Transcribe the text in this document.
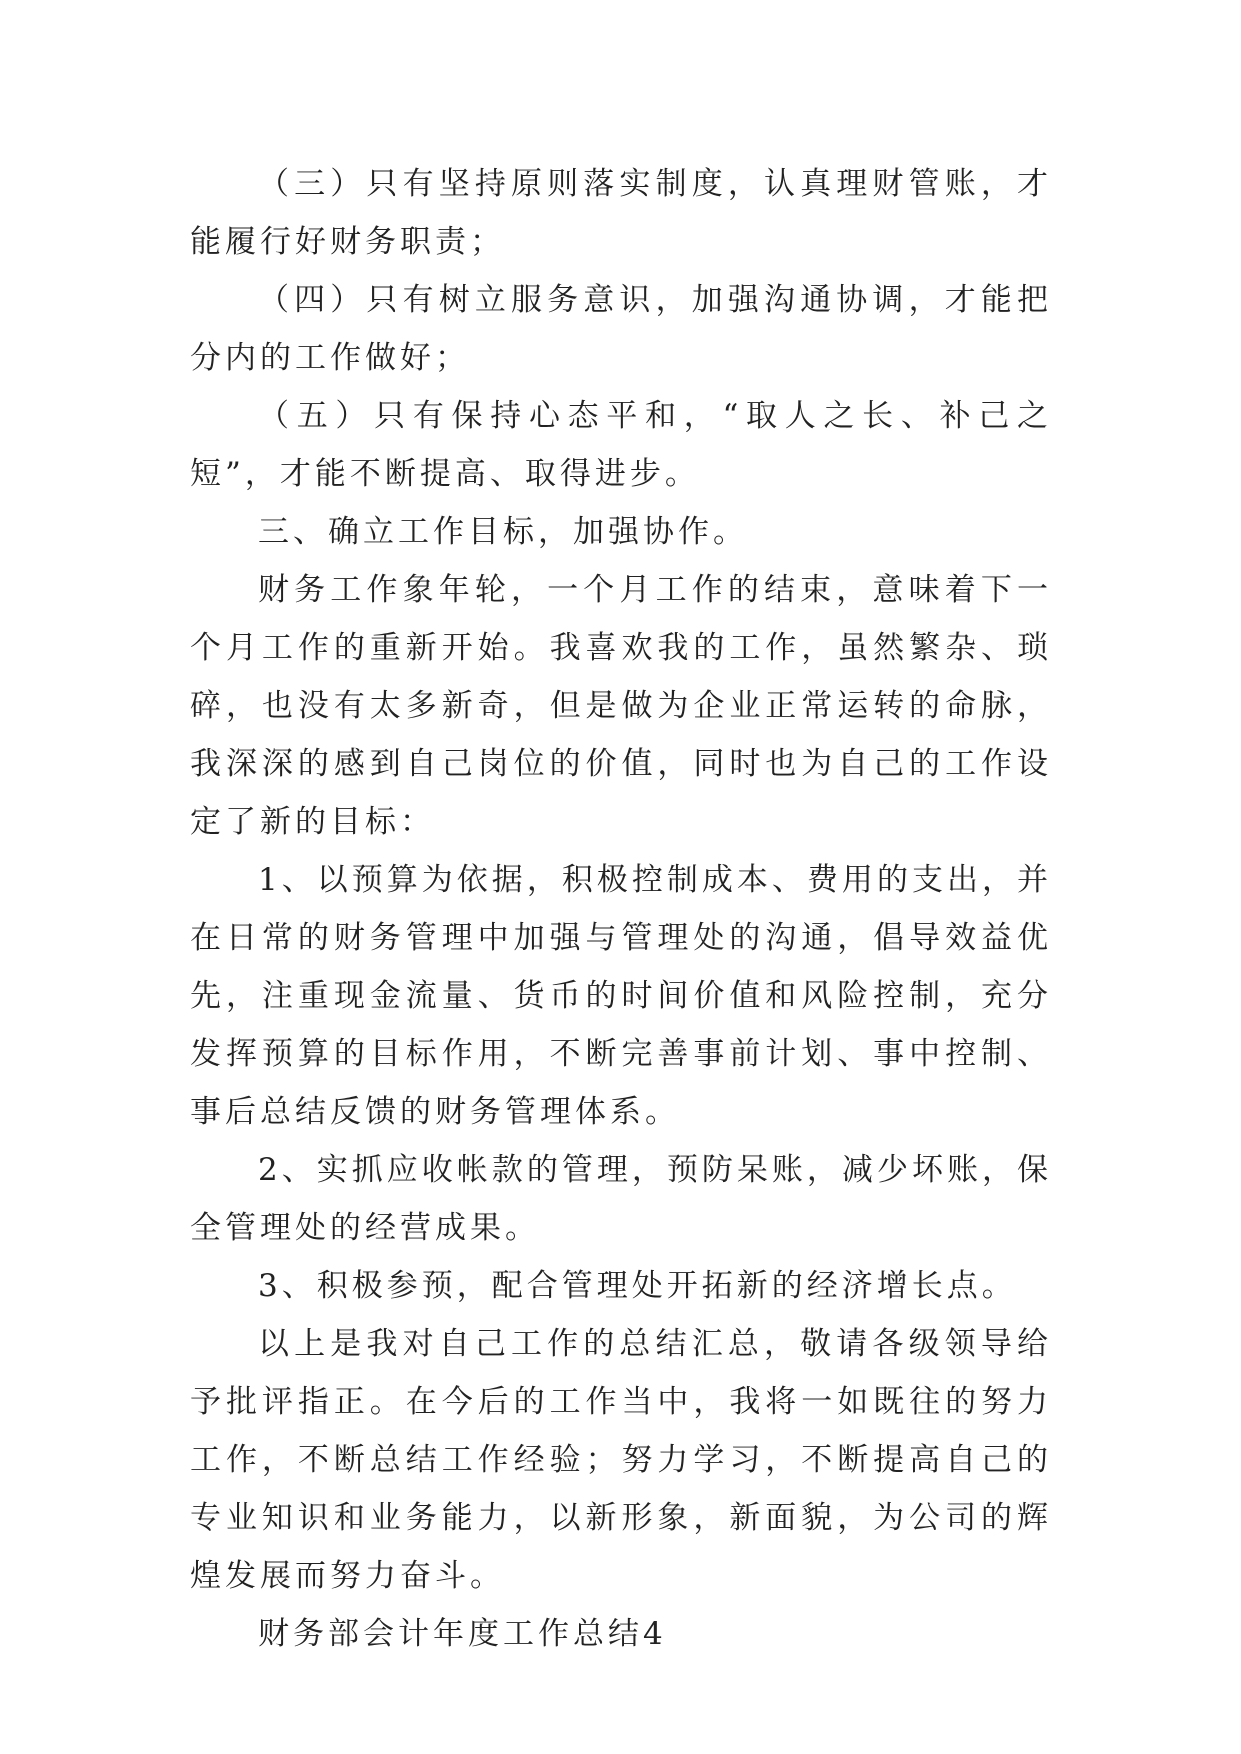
（三）只有坚持原则落实制度，认真理财管账，才能履行好财务职责；

（四）只有树立服务意识，加强沟通协调，才能把分内的工作做好；

（五）只有保持心态平和，“取人之长、补己之短”，才能不断提高、取得进步。

三、确立工作目标，加强协作。

财务工作象年轮，一个月工作的结束，意味着下一个月工作的重新开始。我喜欢我的工作，虽然繁杂、琐碎，也没有太多新奇，但是做为企业正常运转的命脉，我深深的感到自己岗位的价值，同时也为自己的工作设定了新的目标：

1、以预算为依据，积极控制成本、费用的支出，并在日常的财务管理中加强与管理处的沟通，倡导效益优先，注重现金流量、货币的时间价值和风险控制，充分发挥预算的目标作用，不断完善事前计划、事中控制、事后总结反馈的财务管理体系。

2、实抓应收帐款的管理，预防呆账，减少坏账，保全管理处的经营成果。

3、积极参预，配合管理处开拓新的经济增长点。

以上是我对自己工作的总结汇总，敬请各级领导给予批评指正。在今后的工作当中，我将一如既往的努力工作，不断总结工作经验；努力学习，不断提高自己的专业知识和业务能力，以新形象，新面貌，为公司的辉煌发展而努力奋斗。

财务部会计年度工作总结4
